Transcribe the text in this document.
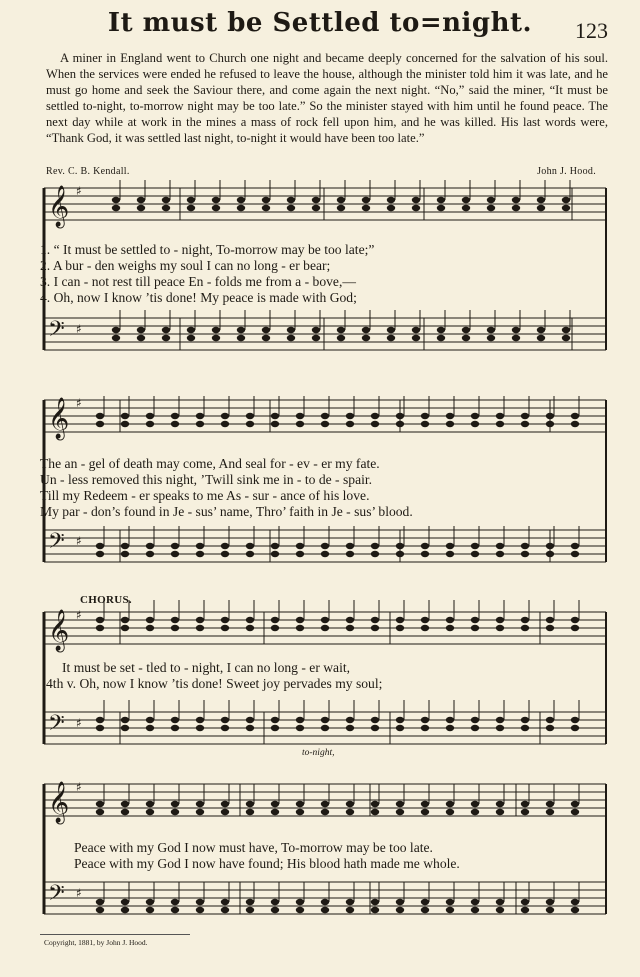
It must be Settled to=night.	123

A miner in England went to Church one night and became deeply concerned for the salvation of his soul. When the services were ended he refused to leave the house, although the minister told him it was late, and he must go home and seek the Saviour there, and come again the next night. “No,” said the miner, “It must be settled to-night, to-morrow night may be too late.” So the minister stayed with him until he found peace. The next day while at work in the mines a mass of rock fell upon him, and he was killed. His last words were, “Thank God, it was settled last night, to-night it would have been too late.”

Rev. C. B. Kendall.	John J. Hood.
𝄞 ♯
𝄢 ♯
1. “ It must be settled to - night, To-morrow may be too late;”
2. A bur - den weighs my soul I can no long - er bear;
3. I can - not rest till peace En - folds me from a - bove,—
4. Oh, now I know ’tis done! My peace is made with God;
𝄞 ♯
𝄢 ♯
The an - gel of death may come, And seal for - ev - er my fate.
Un - less removed this night, ’Twill sink me in - to de - spair.
Till my Redeem - er speaks to me As - sur - ance of his love.
My par - don’s found in Je - sus’ name, Thro’ faith in Je - sus’ blood.
CHORUS.
𝄞 ♯
𝄢 ♯
It must be set - tled to - night, I can no long - er wait,
4th v. Oh, now I know ’tis done! Sweet joy pervades my soul;
to-night,
𝄞 ♯
𝄢 ♯
Peace with my God I now must have, To-morrow may be too late.
Peace with my God I now have found; His blood hath made me whole.
Copyright, 1881, by John J. Hood.
